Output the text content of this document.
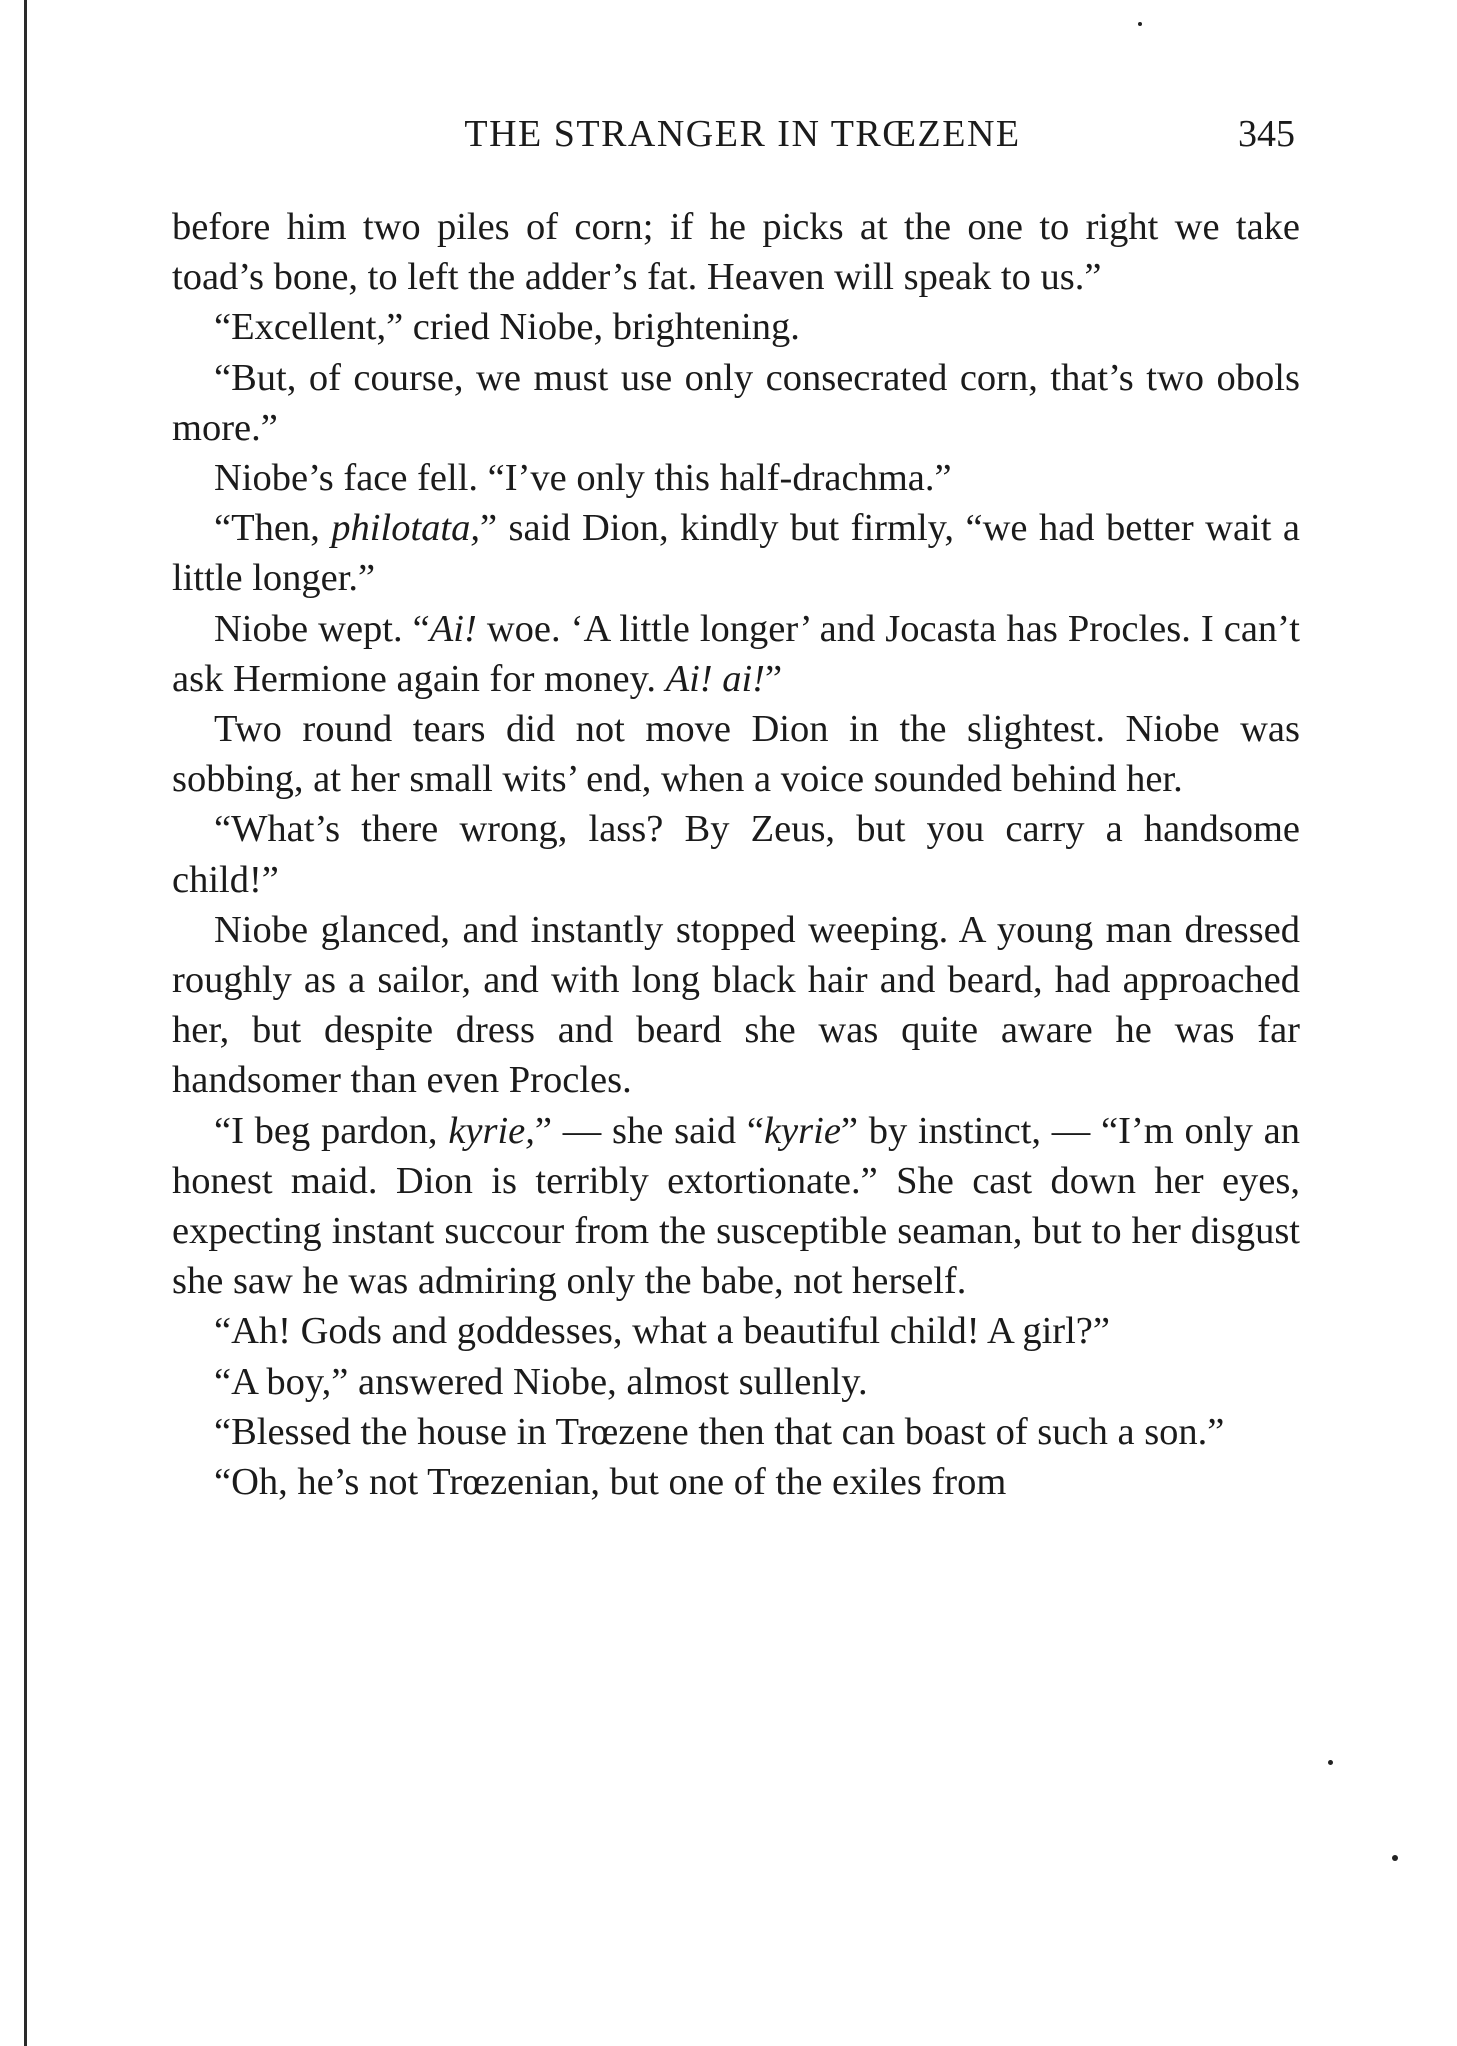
THE STRANGER IN TRŒZENE	345

before him two piles of corn; if he picks at the one to right we take toad’s bone, to left the adder’s fat. Heaven will speak to us.”

“Excellent,” cried Niobe, brightening.

“But, of course, we must use only consecrated corn, that’s two obols more.”

Niobe’s face fell. “I’ve only this half-drachma.”

“Then, philotata,” said Dion, kindly but firmly, “we had better wait a little longer.”

Niobe wept. “Ai! woe. ‘A little longer’ and Jocasta has Procles. I can’t ask Hermione again for money. Ai! ai!”

Two round tears did not move Dion in the slightest. Niobe was sobbing, at her small wits’ end, when a voice sounded behind her.

“What’s there wrong, lass? By Zeus, but you carry a handsome child!”

Niobe glanced, and instantly stopped weeping. A young man dressed roughly as a sailor, and with long black hair and beard, had approached her, but despite dress and beard she was quite aware he was far handsomer than even Procles.

“I beg pardon, kyrie,” — she said “kyrie” by instinct, — “I’m only an honest maid. Dion is terribly extortionate.” She cast down her eyes, expecting instant succour from the susceptible seaman, but to her disgust she saw he was admiring only the babe, not herself.

“Ah! Gods and goddesses, what a beautiful child! A girl?”

“A boy,” answered Niobe, almost sullenly.

“Blessed the house in Trœzene then that can boast of such a son.”

“Oh, he’s not Trœzenian, but one of the exiles from
